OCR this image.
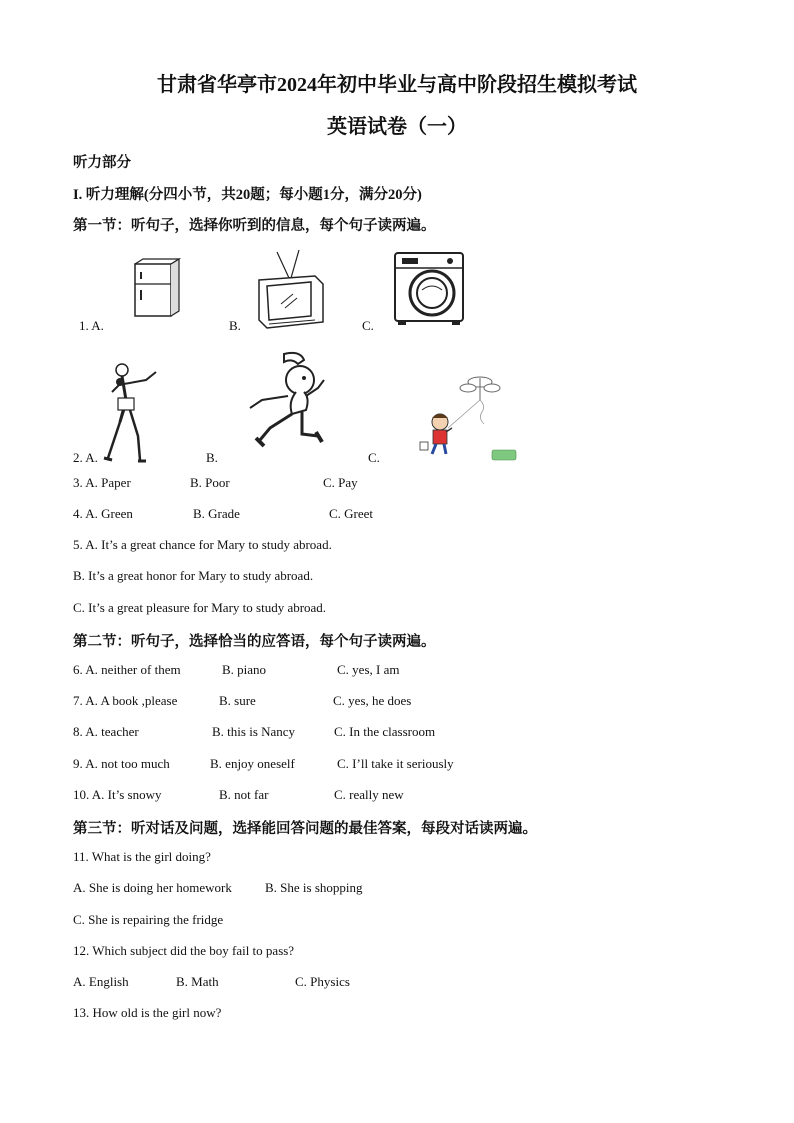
甘肃省华亭市2024年初中毕业与高中阶段招生模拟考试
英语试卷（一）
听力部分
I. 听力理解(分四小节，共20题；每小题1分，满分20分)
第一节：听句子，选择你听到的信息，每个句子读两遍。
1. A.	B.	C.
2. A.	B.	C.
3. A. Paper	B. Poor	C. Pay
4. A. Green	B. Grade	C. Greet
5. A. It’s a great chance for Mary to study abroad.
B. It’s a great honor for Mary to study abroad.
C. It’s a great pleasure for Mary to study abroad.
第二节：听句子，选择恰当的应答语，每个句子读两遍。
6. A. neither of them	B. piano	C. yes, I am
7. A. A book ,please	B. sure	C. yes, he does
8. A. teacher	B. this is Nancy	C. In the classroom
9. A. not too much	B. enjoy oneself	C. I’ll take it seriously
10. A. It’s snowy	B. not far	C. really new
第三节：听对话及问题，选择能回答问题的最佳答案，每段对话读两遍。
11. What is the girl doing?
A. She is doing her homework	B. She is shopping
C. She is repairing the fridge
12. Which subject did the boy fail to pass?
A. English	B. Math	C. Physics
13. How old is the girl now?
